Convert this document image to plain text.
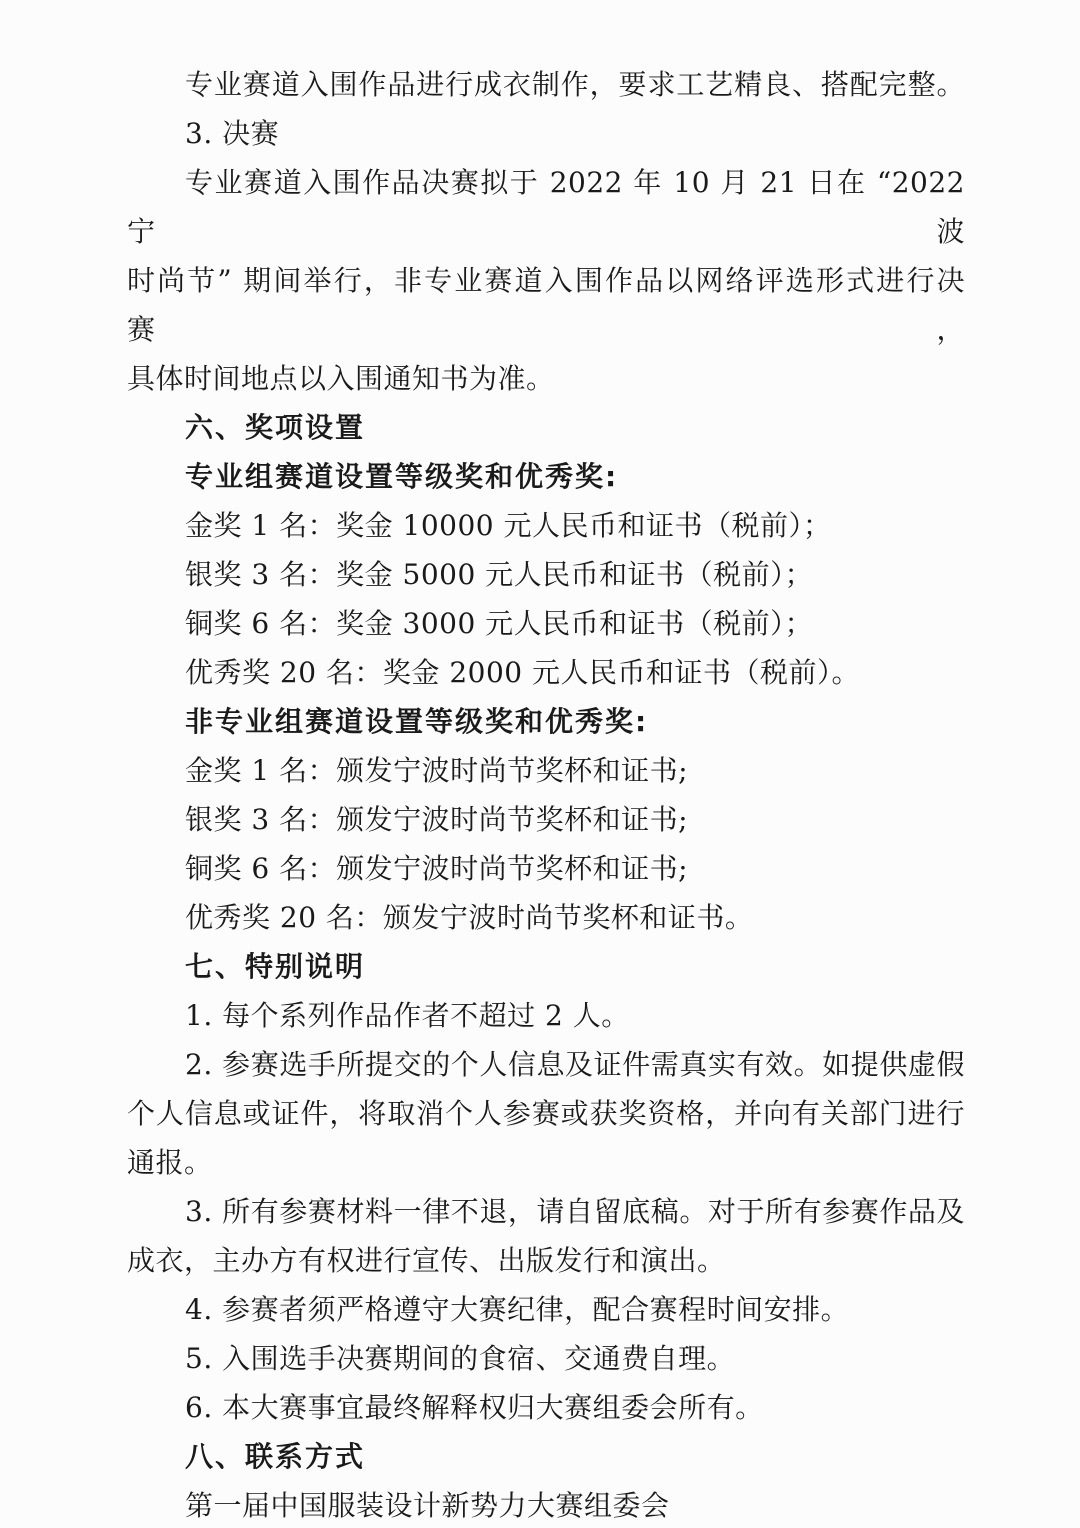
专业赛道入围作品进行成衣制作，要求工艺精良、搭配完整。
3. 决赛
专业赛道入围作品决赛拟于 2022 年 10 月 21 日在 “2022 宁波
时尚节” 期间举行，非专业赛道入围作品以网络评选形式进行决赛，
具体时间地点以入围通知书为准。
六、奖项设置
专业组赛道设置等级奖和优秀奖:
金奖 1 名：奖金 10000 元人民币和证书（税前）；
银奖 3 名：奖金 5000 元人民币和证书（税前）；
铜奖 6 名：奖金 3000 元人民币和证书（税前）；
优秀奖 20 名：奖金 2000 元人民币和证书（税前）。
非专业组赛道设置等级奖和优秀奖:
金奖 1 名：颁发宁波时尚节奖杯和证书;
银奖 3 名：颁发宁波时尚节奖杯和证书;
铜奖 6 名：颁发宁波时尚节奖杯和证书;
优秀奖 20 名：颁发宁波时尚节奖杯和证书。
七、特别说明
1. 每个系列作品作者不超过 2 人。
2. 参赛选手所提交的个人信息及证件需真实有效。如提供虚假
个人信息或证件，将取消个人参赛或获奖资格，并向有关部门进行
通报。
3. 所有参赛材料一律不退，请自留底稿。对于所有参赛作品及
成衣，主办方有权进行宣传、出版发行和演出。
4. 参赛者须严格遵守大赛纪律，配合赛程时间安排。
5. 入围选手决赛期间的食宿、交通费自理。
6. 本大赛事宜最终解释权归大赛组委会所有。
八、联系方式
第一届中国服装设计新势力大赛组委会
